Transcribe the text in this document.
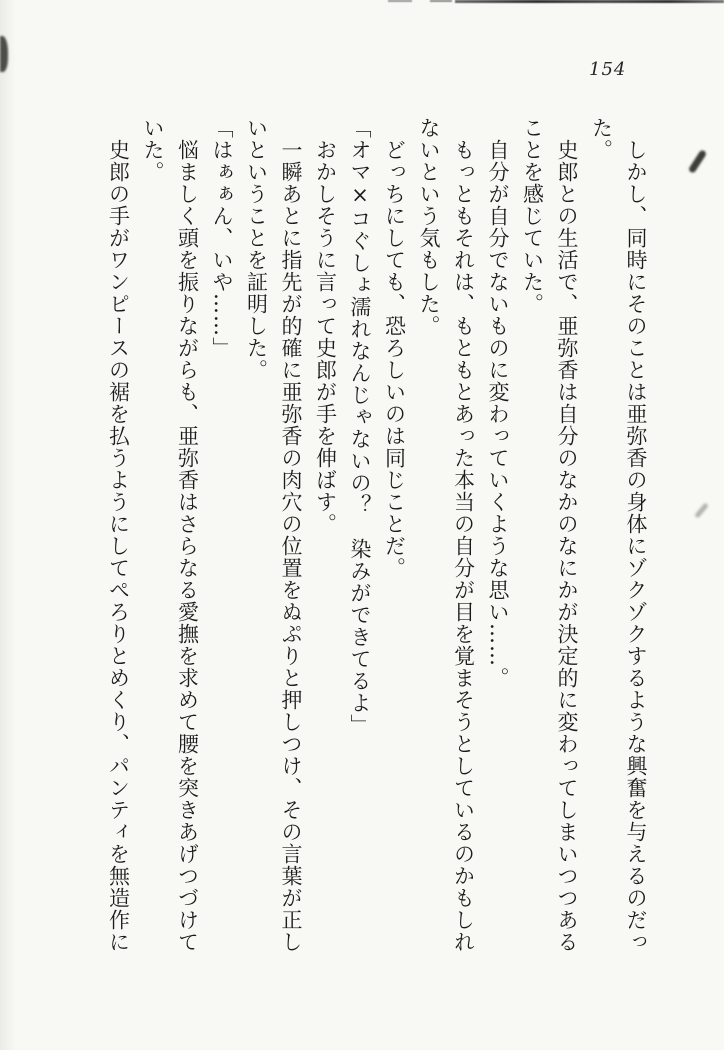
154
しかし、同時にそのことは亜弥香の身体にゾクゾクするような興奮を与えるのだっ
た。
史郎との生活で、亜弥香は自分のなかのなにかが決定的に変わってしまいつつある
ことを感じていた。
自分が自分でないものに変わっていくような思い……。
もっともそれは、もともとあった本当の自分が目を覚まそうとしているのかもしれ
ないという気もした。
どっちにしても、恐ろしいのは同じことだ。
「オマ×コぐしょ濡れなんじゃないの？　染みができてるよ」
おかしそうに言って史郎が手を伸ばす。
一瞬あとに指先が的確に亜弥香の肉穴の位置をぬぷりと押しつけ、その言葉が正し
いということを証明した。
「はぁぁん、いや……」
悩ましく頭を振りながらも、亜弥香はさらなる愛撫を求めて腰を突きあげつづけて
いた。
史郎の手がワンピースの裾を払うようにしてぺろりとめくり、パンティを無造作に
